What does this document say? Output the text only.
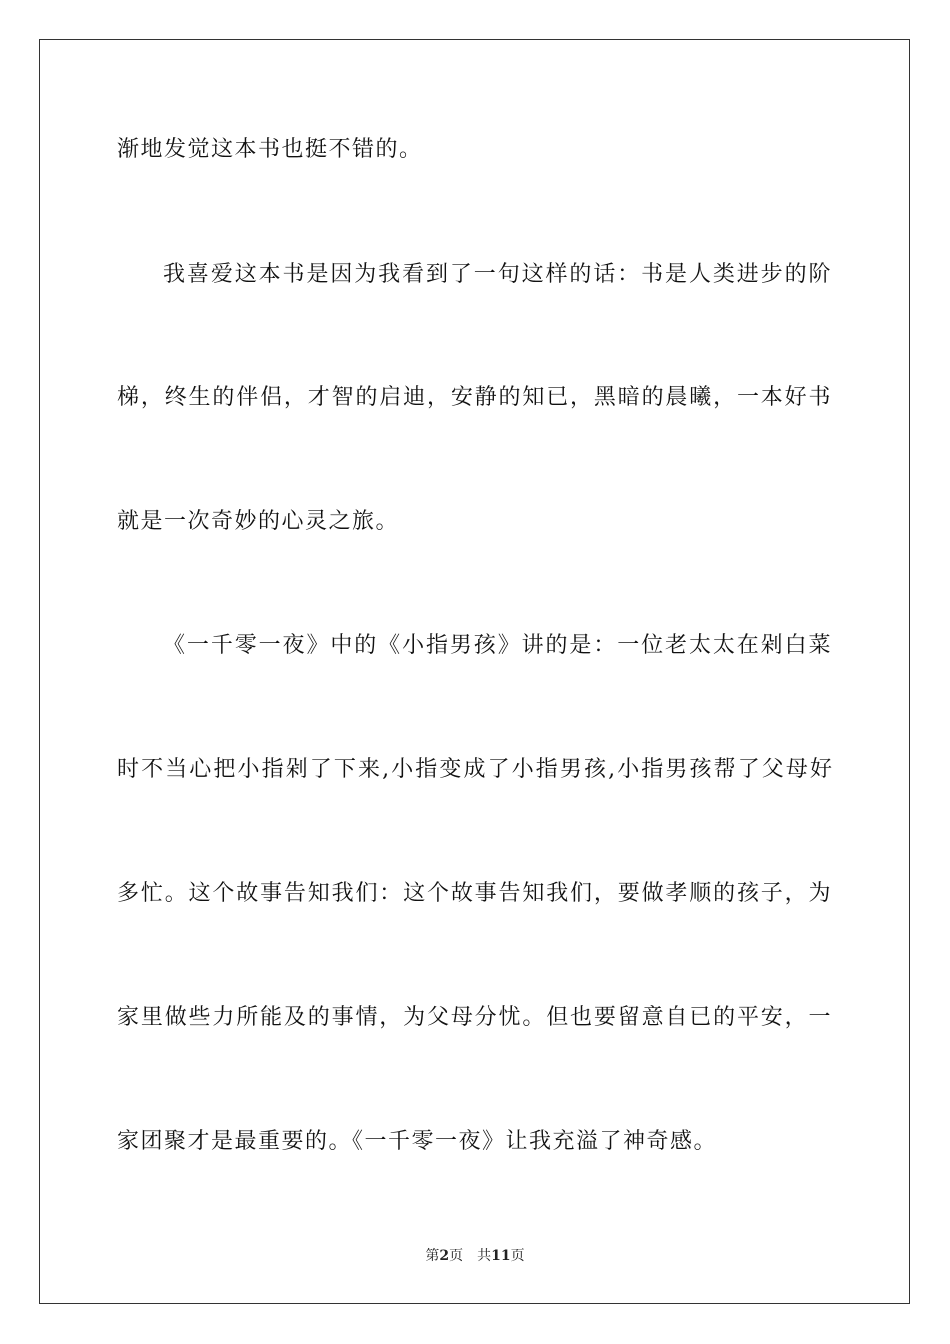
渐地发觉这本书也挺不错的。
我喜爱这本书是因为我看到了一句这样的话：书是人类进步的阶
梯，终生的伴侣，才智的启迪，安静的知已，黑暗的晨曦，一本好书
就是一次奇妙的心灵之旅。
《一千零一夜》中的《小指男孩》讲的是：一位老太太在剁白菜
时不当心把小指剁了下来,小指变成了小指男孩,小指男孩帮了父母好
多忙。这个故事告知我们：这个故事告知我们，要做孝顺的孩子，为
家里做些力所能及的事情，为父母分忧。但也要留意自已的平安，一
家团聚才是最重要的。《一千零一夜》让我充溢了神奇感。
第2页 共11页
